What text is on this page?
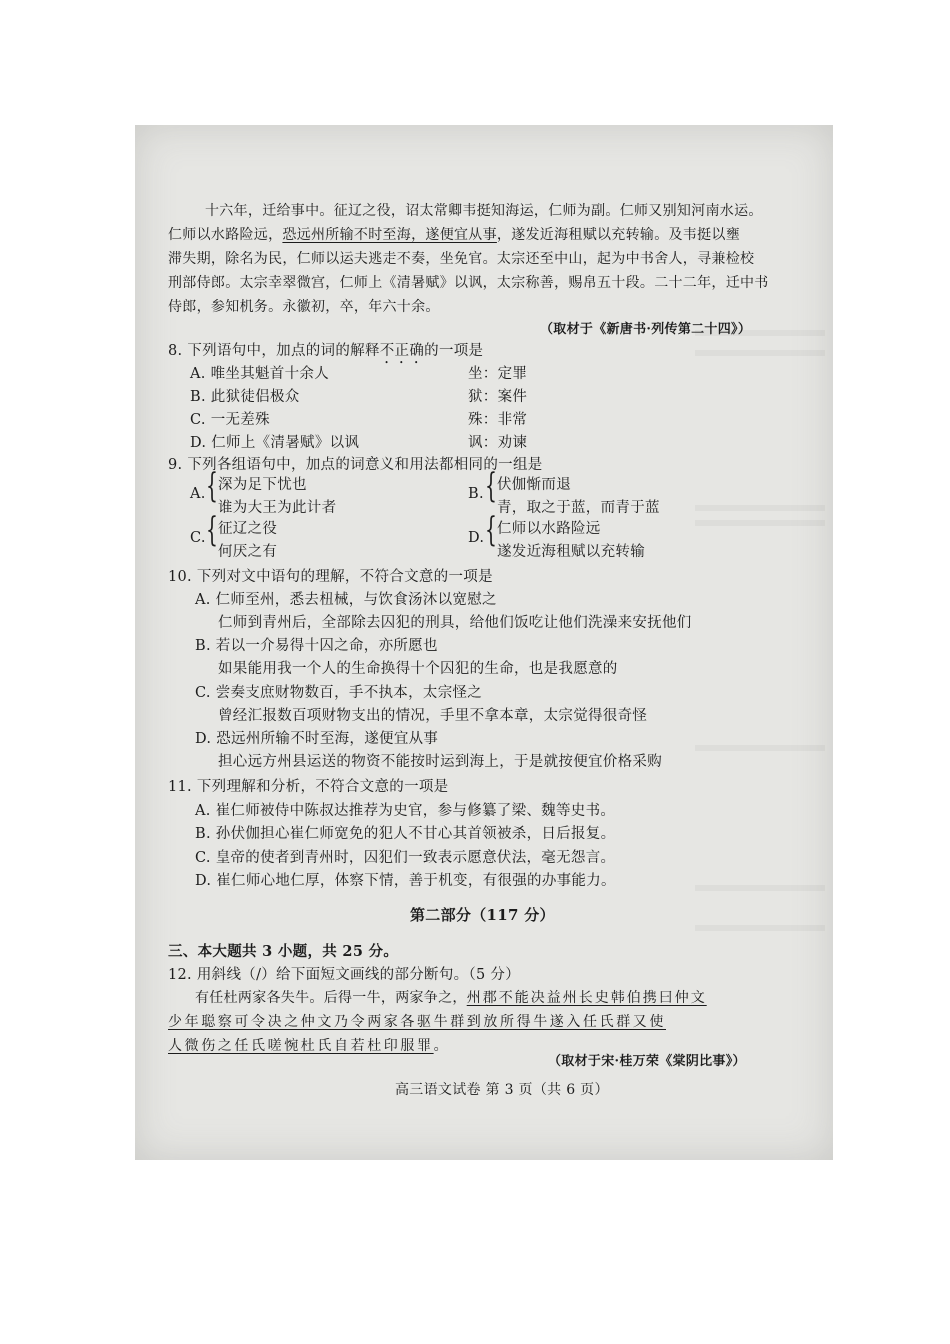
十六年，迁给事中。征辽之役，诏太常卿韦挺知海运，仁师为副。仁师又别知河南水运。
仁师以水路险远，恐远州所输不时至海，遂便宜从事，遂发近海租赋以充转输。及韦挺以壅
滞失期，除名为民，仁师以运夫逃走不奏，坐免官。太宗还至中山，起为中书舍人，寻兼检校
刑部侍郎。太宗幸翠微宫，仁师上《清暑赋》以讽，太宗称善，赐帛五十段。二十二年，迁中书
侍郎，参知机务。永徽初，卒，年六十余。
（取材于《新唐书·列传第二十四》）
8. 下列语句中，加点的词的解释不正确的一项是
A. 唯坐其魁首十余人	坐：定罪
B. 此狱徒侣极众	狱：案件
C. 一无差殊	殊：非常
D. 仁师上《清暑赋》以讽	讽：劝谏
9. 下列各组语句中，加点的词意义和用法都相同的一组是
A. { 深为足下忧也
谁为大王为此计者
B. { 伏伽惭而退
青，取之于蓝，而青于蓝
C. { 征辽之役
何厌之有
D. { 仁师以水路险远
遂发近海租赋以充转输
10. 下列对文中语句的理解，不符合文意的一项是
A. 仁师至州，悉去杻械，与饮食汤沐以宽慰之
仁师到青州后，全部除去囚犯的刑具，给他们饭吃让他们洗澡来安抚他们
B. 若以一介易得十囚之命，亦所愿也
如果能用我一个人的生命换得十个囚犯的生命，也是我愿意的
C. 尝奏支庶财物数百，手不执本，太宗怪之
曾经汇报数百项财物支出的情况，手里不拿本章，太宗觉得很奇怪
D. 恐远州所输不时至海，遂便宜从事
担心远方州县运送的物资不能按时运到海上，于是就按便宜价格采购
11. 下列理解和分析，不符合文意的一项是
A. 崔仁师被侍中陈叔达推荐为史官，参与修纂了梁、魏等史书。
B. 孙伏伽担心崔仁师宽免的犯人不甘心其首领被杀，日后报复。
C. 皇帝的使者到青州时，囚犯们一致表示愿意伏法，毫无怨言。
D. 崔仁师心地仁厚，体察下情，善于机变，有很强的办事能力。
第二部分（117 分）
三、本大题共 3 小题，共 25 分。
12. 用斜线（/）给下面短文画线的部分断句。（5 分）
有任杜两家各失牛。后得一牛，两家争之，州郡不能决益州长史韩伯携曰仲文
少年聪察可令决之仲文乃令两家各驱牛群到放所得牛遂入任氏群又使
人微伤之任氏嗟惋杜氏自若杜印服罪。
（取材于宋·桂万荣《棠阴比事》）
高三语文试卷 第 3 页（共 6 页）
